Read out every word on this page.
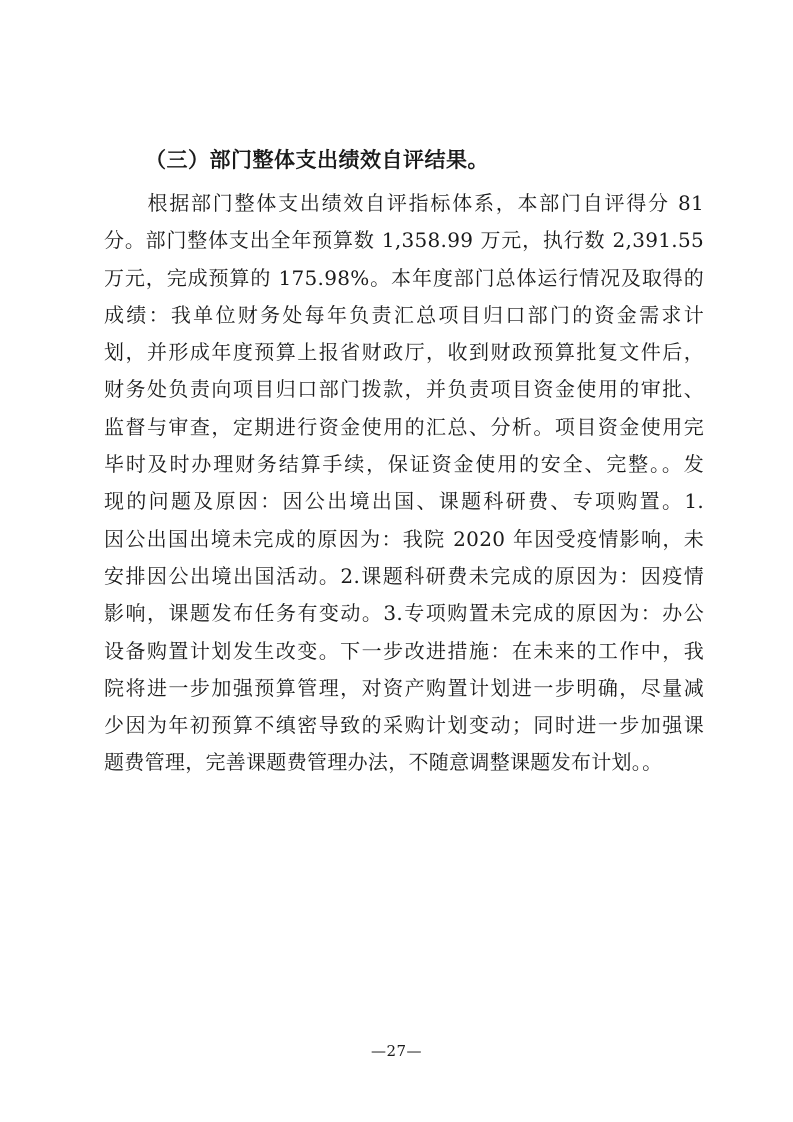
（三）部门整体支出绩效自评结果。
　　根据部门整体支出绩效自评指标体系，本部门自评得分 81
分。部门整体支出全年预算数 1,358.99 万元，执行数 2,391.55
万元，完成预算的 175.98%。本年度部门总体运行情况及取得的
成绩：我单位财务处每年负责汇总项目归口部门的资金需求计
划，并形成年度预算上报省财政厅，收到财政预算批复文件后，
财务处负责向项目归口部门拨款，并负责项目资金使用的审批、
监督与审查，定期进行资金使用的汇总、分析。项目资金使用完
毕时及时办理财务结算手续，保证资金使用的安全、完整。。发
现的问题及原因：因公出境出国、课题科研费、专项购置。1.
因公出国出境未完成的原因为：我院 2020 年因受疫情影响，未
安排因公出境出国活动。2.课题科研费未完成的原因为：因疫情
影响，课题发布任务有变动。3.专项购置未完成的原因为：办公
设备购置计划发生改变。下一步改进措施：在未来的工作中，我
院将进一步加强预算管理，对资产购置计划进一步明确，尽量减
少因为年初预算不缜密导致的采购计划变动；同时进一步加强课
题费管理，完善课题费管理办法，不随意调整课题发布计划。。
—27—
